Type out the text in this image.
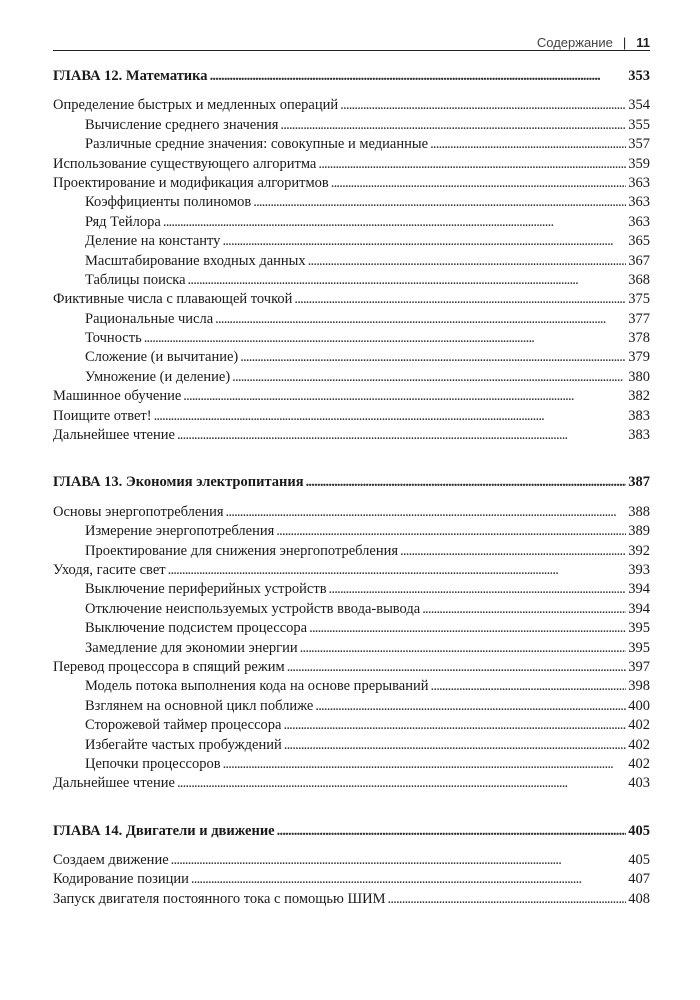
Содержание | 11
ГЛАВА 12. Математика . . .	353
Определение быстрых и медленных операций . . .	354
Вычисление среднего значения . . .	355
Различные средние значения: совокупные и медианные . . .	357
Использование существующего алгоритма . . .	359
Проектирование и модификация алгоритмов . . .	363
Коэффициенты полиномов . . .	363
Ряд Тейлора . . .	363
Деление на константу . . .	365
Масштабирование входных данных . . .	367
Таблицы поиска . . .	368
Фиктивные числа с плавающей точкой . . .	375
Рациональные числа . . .	377
Точность . . .	378
Сложение (и вычитание) . . .	379
Умножение (и деление) . . .	380
Машинное обучение . . .	382
Поищите ответ! . . .	383
Дальнейшее чтение . . .	383
ГЛАВА 13. Экономия электропитания . . .	387
Основы энергопотребления . . .	388
Измерение энергопотребления . . .	389
Проектирование для снижения энергопотребления . . .	392
Уходя, гасите свет . . .	393
Выключение периферийных устройств . . .	394
Отключение неиспользуемых устройств ввода-вывода . . .	394
Выключение подсистем процессора . . .	395
Замедление для экономии энергии . . .	395
Перевод процессора в спящий режим . . .	397
Модель потока выполнения кода на основе прерываний . . .	398
Взглянем на основной цикл поближе . . .	400
Сторожевой таймер процессора . . .	402
Избегайте частых пробуждений . . .	402
Цепочки процессоров . . .	402
Дальнейшее чтение . . .	403
ГЛАВА 14. Двигатели и движение . . .	405
Создаем движение . . .	405
Кодирование позиции . . .	407
Запуск двигателя постоянного тока с помощью ШИМ . . .	408
